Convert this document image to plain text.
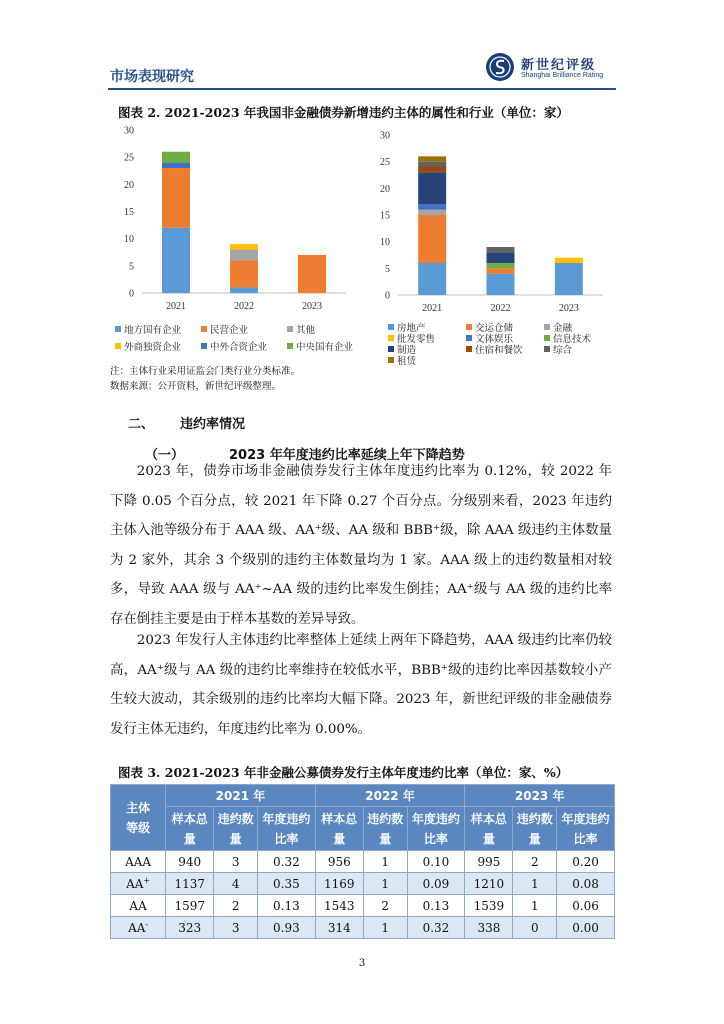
市场表现研究
新世纪评级
Shanghai Brilliance Rating
图表 2. 2021-2023 年我国非金融债券新增违约主体的属性和行业（单位：家）
0
5
10
15
20
25
30
2021	2022	2023
0
5
10
15
20
25
30
2021	2022	2023
地方国有企业	民营企业	其他
外商独资企业	中外合资企业	中央国有企业
房地产	交运仓储	金融
批发零售	文体娱乐	信息技术
制造	住宿和餐饮	综合
租赁
注：主体行业采用证监会门类行业分类标准。
数据来源：公开资料，新世纪评级整理。
二、 违约率情况
（一）	2023 年年度违约比率延续上年下降趋势

2023 年，债券市场非金融债券发行主体年度违约比率为 0.12%，较 2022 年下降 0.05 个百分点，较 2021 年下降 0.27 个百分点。分级别来看，2023 年违约主体入池等级分布于 AAA 级、AA⁺级、AA 级和 BBB⁺级，除 AAA 级违约主体数量为 2 家外，其余 3 个级别的违约主体数量均为 1 家。AAA 级上的违约数量相对较多，导致 AAA 级与 AA⁺~AA 级的违约比率发生倒挂；AA⁺级与 AA 级的违约比率存在倒挂主要是由于样本基数的差异导致。

2023 年发行人主体违约比率整体上延续上两年下降趋势，AAA 级违约比率仍较高，AA⁺级与 AA 级的违约比率维持在较低水平，BBB⁺级的违约比率因基数较小产生较大波动，其余级别的违约比率均大幅下降。2023 年，新世纪评级的非金融债券发行主体无违约，年度违约比率为 0.00%。

图表 3. 2021-2023 年非金融公募债券发行主体年度违约比率（单位：家、%）
主体等级	2021 年			2022 年			2023 年		
	样本总量	违约数量	年度违约比率	样本总量	违约数量	年度违约比率	样本总量	违约数量	年度违约比率
AAA	940	3	0.32	956	1	0.10	995	2	0.20
AA+	1137	4	0.35	1169	1	0.09	1210	1	0.08
AA	1597	2	0.13	1543	2	0.13	1539	1	0.06
AA-	323	3	0.93	314	1	0.32	338	0	0.00
3
